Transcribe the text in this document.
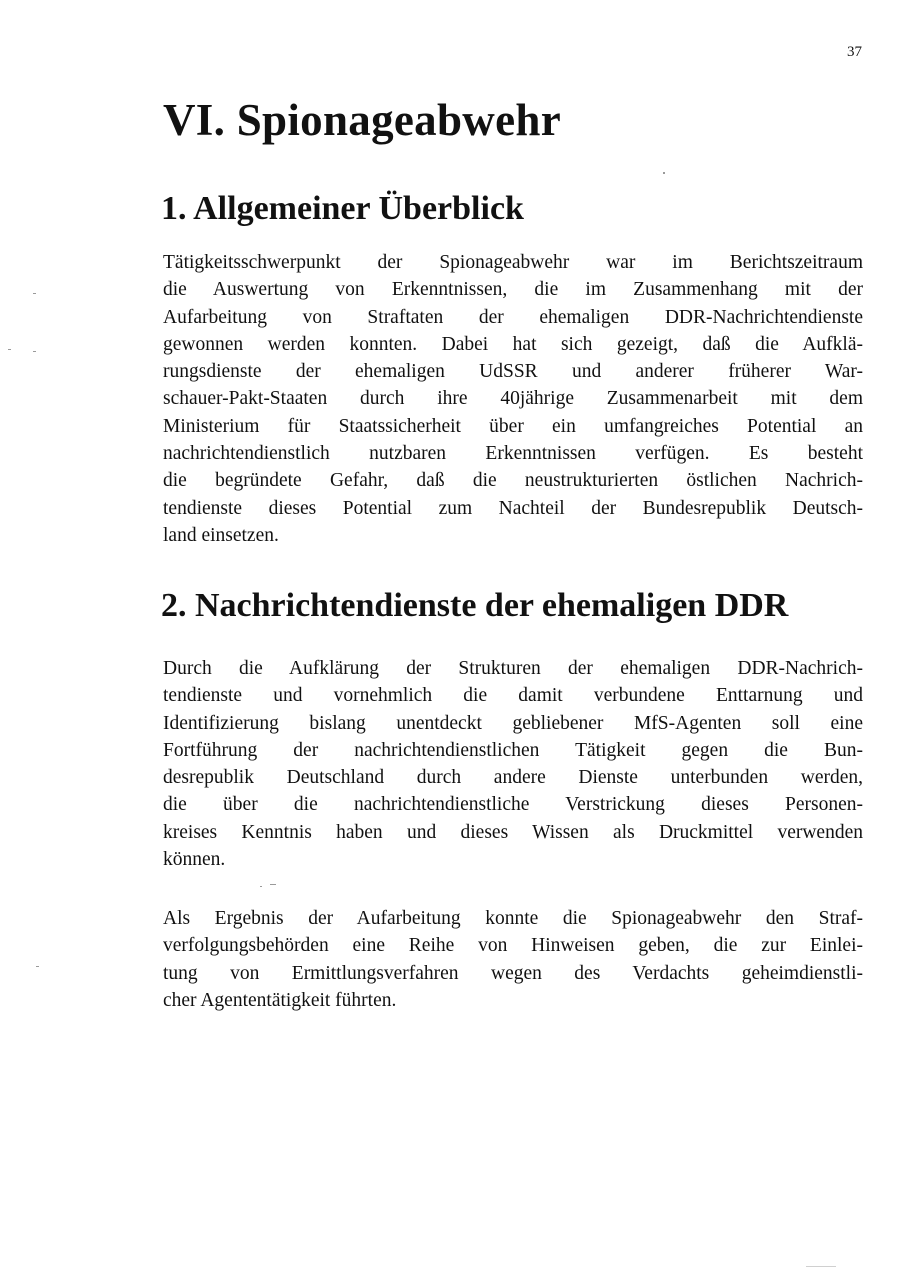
37
VI. Spionageabwehr
1. Allgemeiner Überblick
Tätigkeitsschwerpunkt der Spionageabwehr war im Berichtszeitraum
die Auswertung von Erkenntnissen, die im Zusammenhang mit der
Aufarbeitung von Straftaten der ehemaligen DDR-Nachrichtendienste
gewonnen werden konnten. Dabei hat sich gezeigt, daß die Aufklä-
rungsdienste der ehemaligen UdSSR und anderer früherer War-
schauer-Pakt-Staaten durch ihre 40jährige Zusammenarbeit mit dem
Ministerium für Staatssicherheit über ein umfangreiches Potential an
nachrichtendienstlich nutzbaren Erkenntnissen verfügen. Es besteht
die begründete Gefahr, daß die neustrukturierten östlichen Nachrich-
tendienste dieses Potential zum Nachteil der Bundesrepublik Deutsch-
land einsetzen.
2. Nachrichtendienste der ehemaligen DDR
Durch die Aufklärung der Strukturen der ehemaligen DDR-Nachrich-
tendienste und vornehmlich die damit verbundene Enttarnung und
Identifizierung bislang unentdeckt gebliebener MfS-Agenten soll eine
Fortführung der nachrichtendienstlichen Tätigkeit gegen die Bun-
desrepublik Deutschland durch andere Dienste unterbunden werden,
die über die nachrichtendienstliche Verstrickung dieses Personen-
kreises Kenntnis haben und dieses Wissen als Druckmittel verwenden
können.
Als Ergebnis der Aufarbeitung konnte die Spionageabwehr den Straf-
verfolgungsbehörden eine Reihe von Hinweisen geben, die zur Einlei-
tung von Ermittlungsverfahren wegen des Verdachts geheimdienstli-
cher Agententätigkeit führten.
